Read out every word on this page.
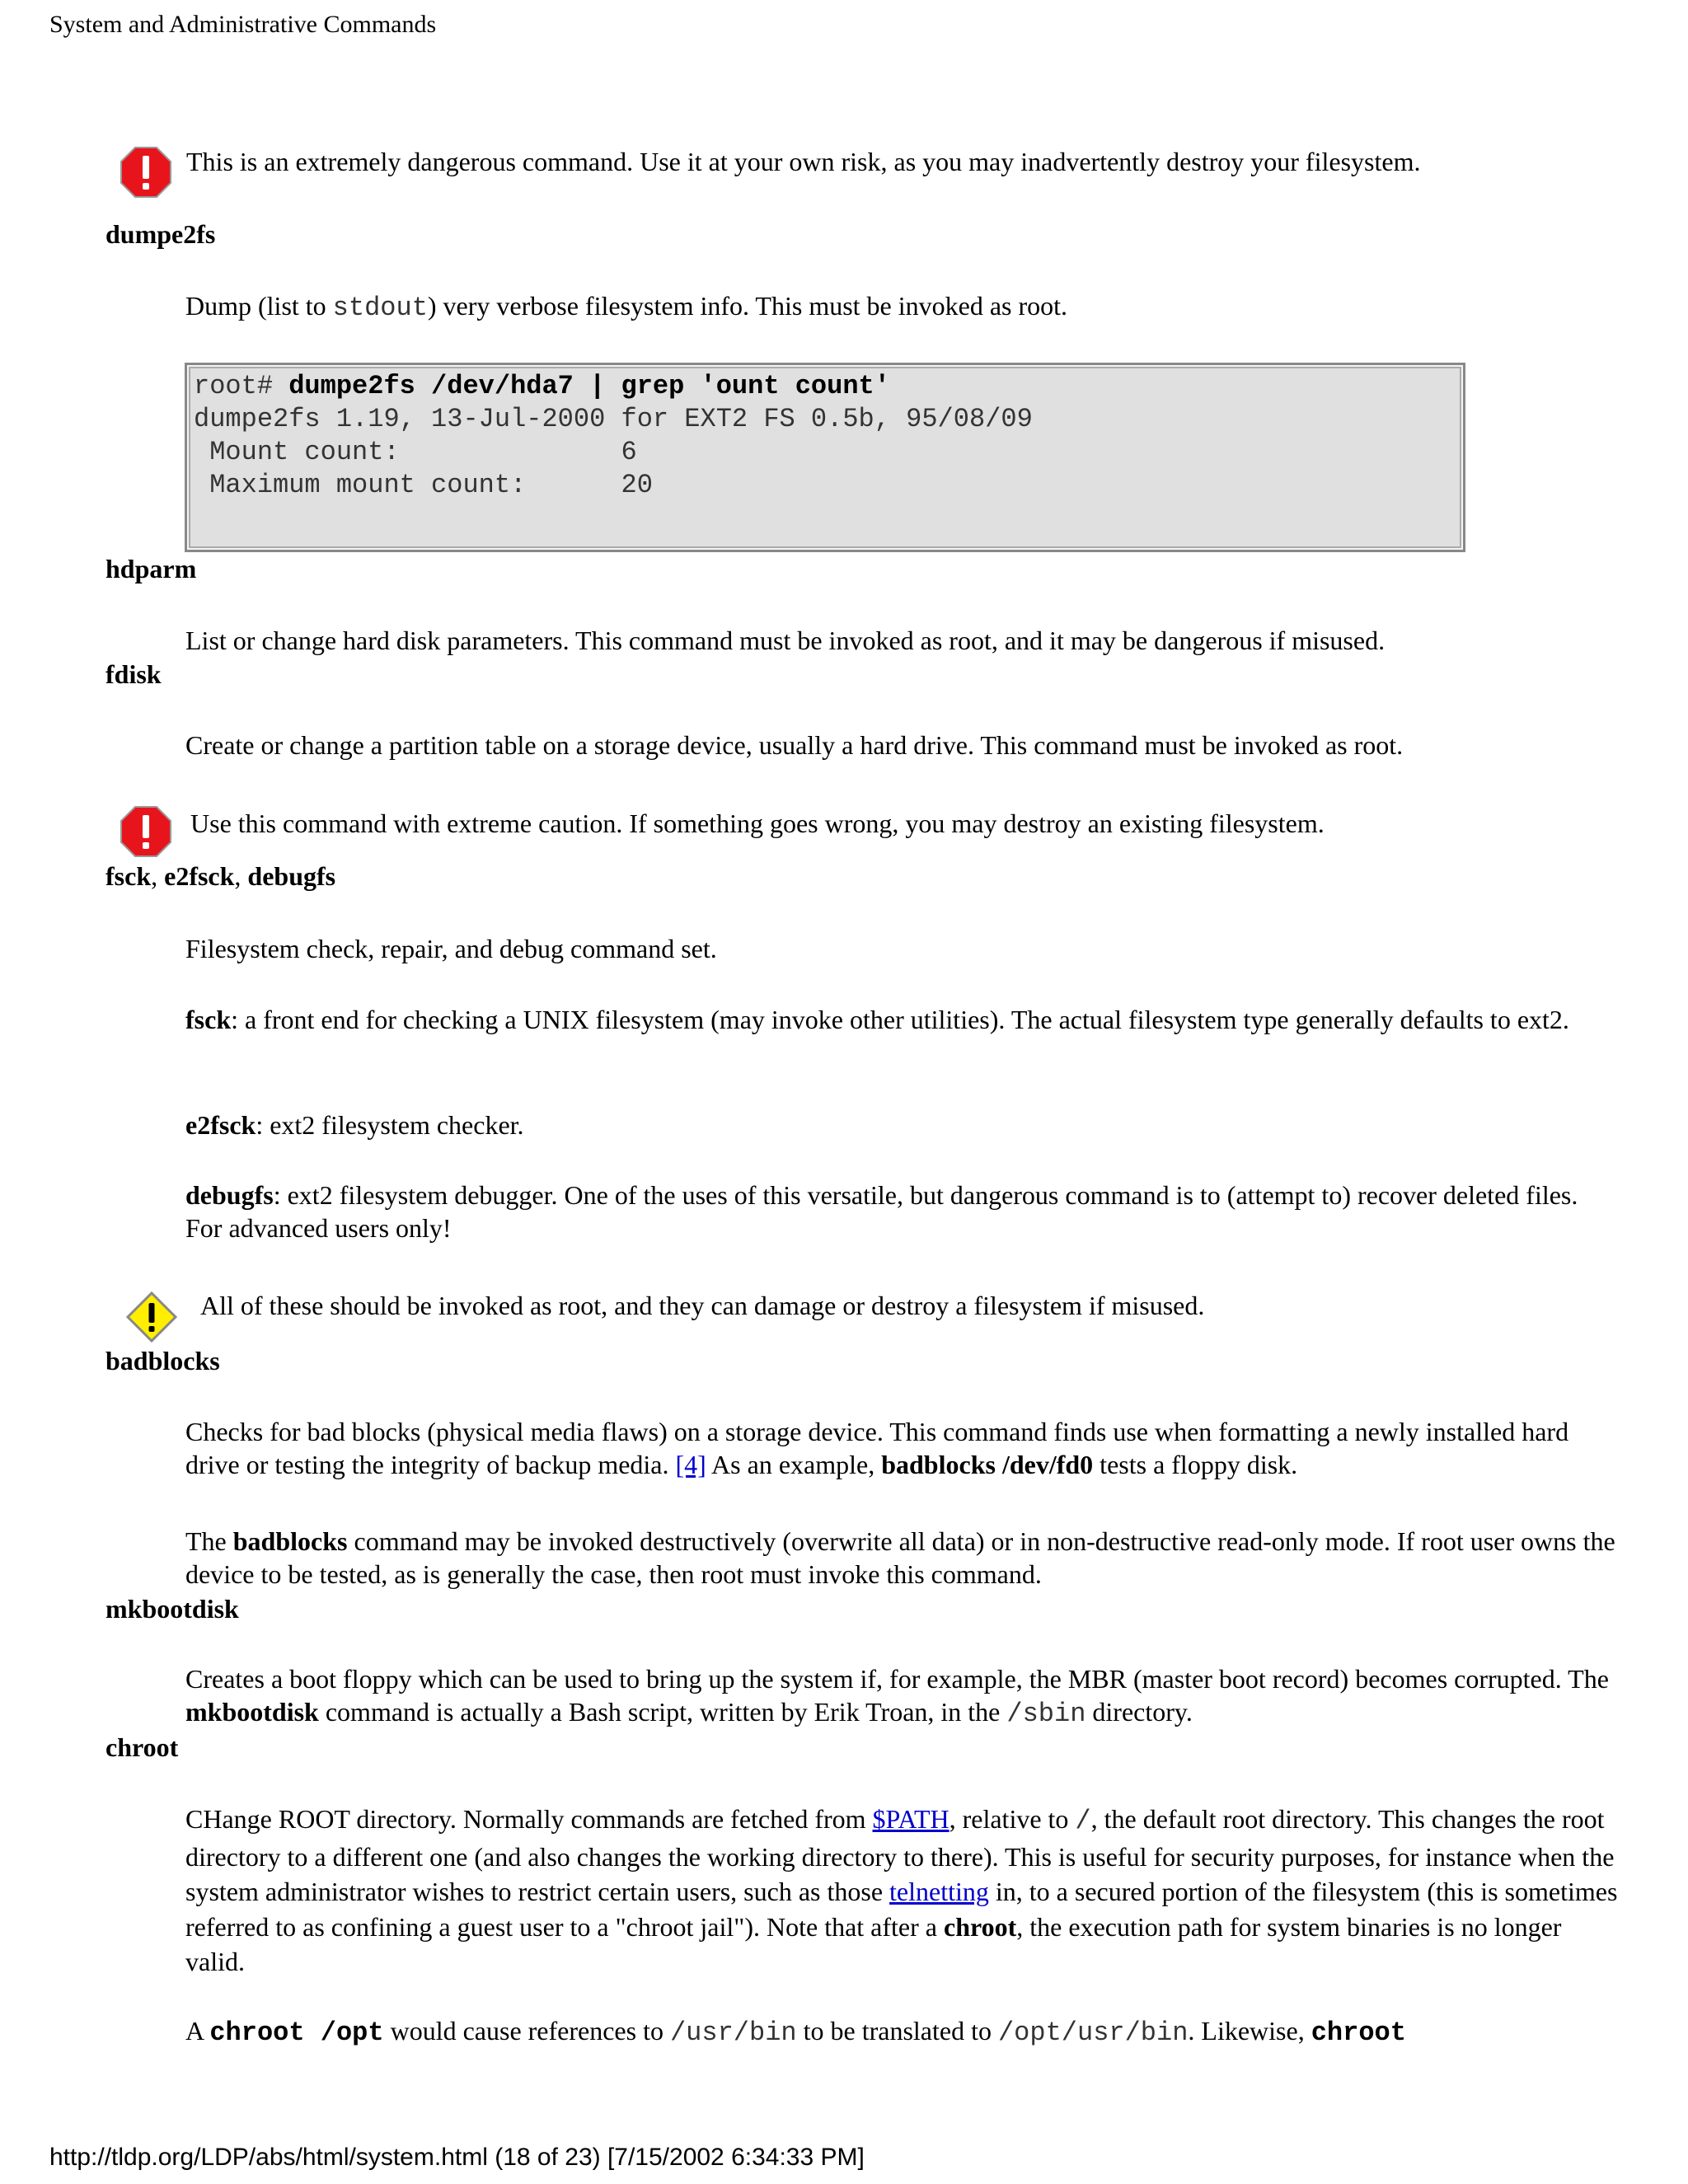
System and Administrative Commands
This is an extremely dangerous command. Use it at your own risk, as you may inadvertently destroy your filesystem.
dumpe2fs
Dump (list to stdout) very verbose filesystem info. This must be invoked as root.
root# dumpe2fs /dev/hda7 | grep 'ount count'
dumpe2fs 1.19, 13-Jul-2000 for EXT2 FS 0.5b, 95/08/09
Mount count:              6
Maximum mount count:      20
hdparm
List or change hard disk parameters. This command must be invoked as root, and it may be dangerous if misused.
fdisk
Create or change a partition table on a storage device, usually a hard drive. This command must be invoked as root.
Use this command with extreme caution. If something goes wrong, you may destroy an existing filesystem.
fsck, e2fsck, debugfs
Filesystem check, repair, and debug command set.
fsck: a front end for checking a UNIX filesystem (may invoke other utilities). The actual filesystem type generally defaults to ext2.
e2fsck: ext2 filesystem checker.
debugfs: ext2 filesystem debugger. One of the uses of this versatile, but dangerous command is to (attempt to) recover deleted files. For advanced users only!
All of these should be invoked as root, and they can damage or destroy a filesystem if misused.
badblocks
Checks for bad blocks (physical media flaws) on a storage device. This command finds use when formatting a newly installed hard drive or testing the integrity of backup media. [4] As an example, badblocks /dev/fd0 tests a floppy disk.
The badblocks command may be invoked destructively (overwrite all data) or in non-destructive read-only mode. If root user owns the device to be tested, as is generally the case, then root must invoke this command.
mkbootdisk
Creates a boot floppy which can be used to bring up the system if, for example, the MBR (master boot record) becomes corrupted. The mkbootdisk command is actually a Bash script, written by Erik Troan, in the /sbin directory.
chroot
CHange ROOT directory. Normally commands are fetched from $PATH, relative to /, the default root directory. This changes the root directory to a different one (and also changes the working directory to there). This is useful for security purposes, for instance when the system administrator wishes to restrict certain users, such as those telnetting in, to a secured portion of the filesystem (this is sometimes referred to as confining a guest user to a "chroot jail"). Note that after a chroot, the execution path for system binaries is no longer valid.
A chroot /opt would cause references to /usr/bin to be translated to /opt/usr/bin. Likewise, chroot
http://tldp.org/LDP/abs/html/system.html (18 of 23) [7/15/2002 6:34:33 PM]
